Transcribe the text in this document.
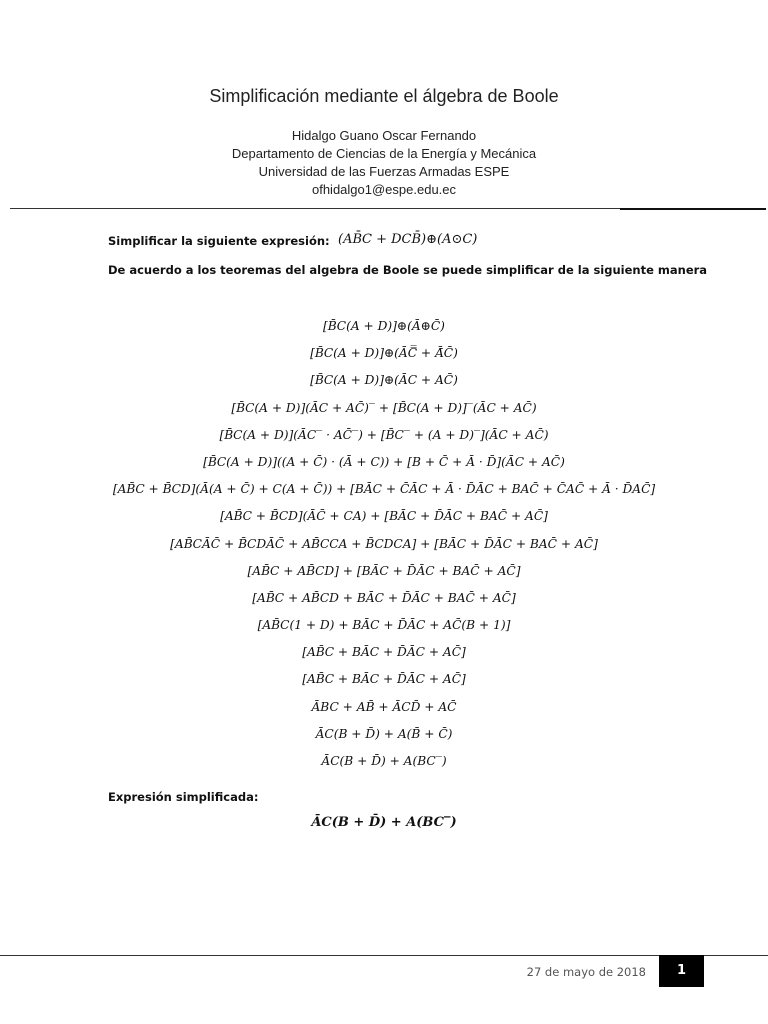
Simplificación mediante el álgebra de Boole
Hidalgo Guano Oscar Fernando
Departamento de Ciencias de la Energía y Mecánica
Universidad de las Fuerzas Armadas ESPE
ofhidalgo1@espe.edu.ec
Simplificar la siguiente expresión: (AB̄C + DCB̄)⊕(A⊙C)
De acuerdo a los teoremas del algebra de Boole se puede simplificar de la siguiente manera
[B̄C(A + D)]⊕(Ā⊕C̄)
[B̄C(A + D)]⊕(ĀC̿ + Ā̄C̄)
[B̄C(A + D)]⊕(ĀC + AC̄)
[B̄C(A + D)](ĀC + AC̄)‾ + [B̄C(A + D)]‾(ĀC + AC̄)
[B̄C(A + D)](ĀC‾ · AC̄‾) + [B̄C‾ + (A + D)‾](ĀC + AC̄)
[B̄C(A + D)]((A + C̄) · (Ā + C)) + [B + C̄ + Ā · D̄](ĀC + AC̄)
[AB̄C + B̄CD](Ā(A + C̄) + C(A + C̄)) + [BĀC + C̄ĀC + Ā · D̄ĀC + BAC̄ + C̄AC̄ + Ā · D̄AC̄]
[AB̄C + B̄CD](ĀC̄ + CA) + [BĀC + D̄ĀC + BAC̄ + AC̄]
[AB̄CĀC̄ + B̄CDĀC̄ + AB̄CCA + B̄CDCA] + [BĀC + D̄ĀC + BAC̄ + AC̄]
[AB̄C + AB̄CD] + [BĀC + D̄ĀC + BAC̄ + AC̄]
[AB̄C + AB̄CD + BĀC + D̄ĀC + BAC̄ + AC̄]
[AB̄C(1 + D) + BĀC + D̄ĀC + AC̄(B + 1)]
[AB̄C + BĀC + D̄ĀC + AC̄]
[AB̄C + BĀC + D̄ĀC + AC̄]
ĀBC + AB̄ + ĀCD̄ + AC̄
ĀC(B + D̄) + A(B̄ + C̄)
ĀC(B + D̄) + A(BC‾)
Expresión simplificada:
ĀC(B + D̄) + A(BC‾)
27 de mayo de 2018	1
